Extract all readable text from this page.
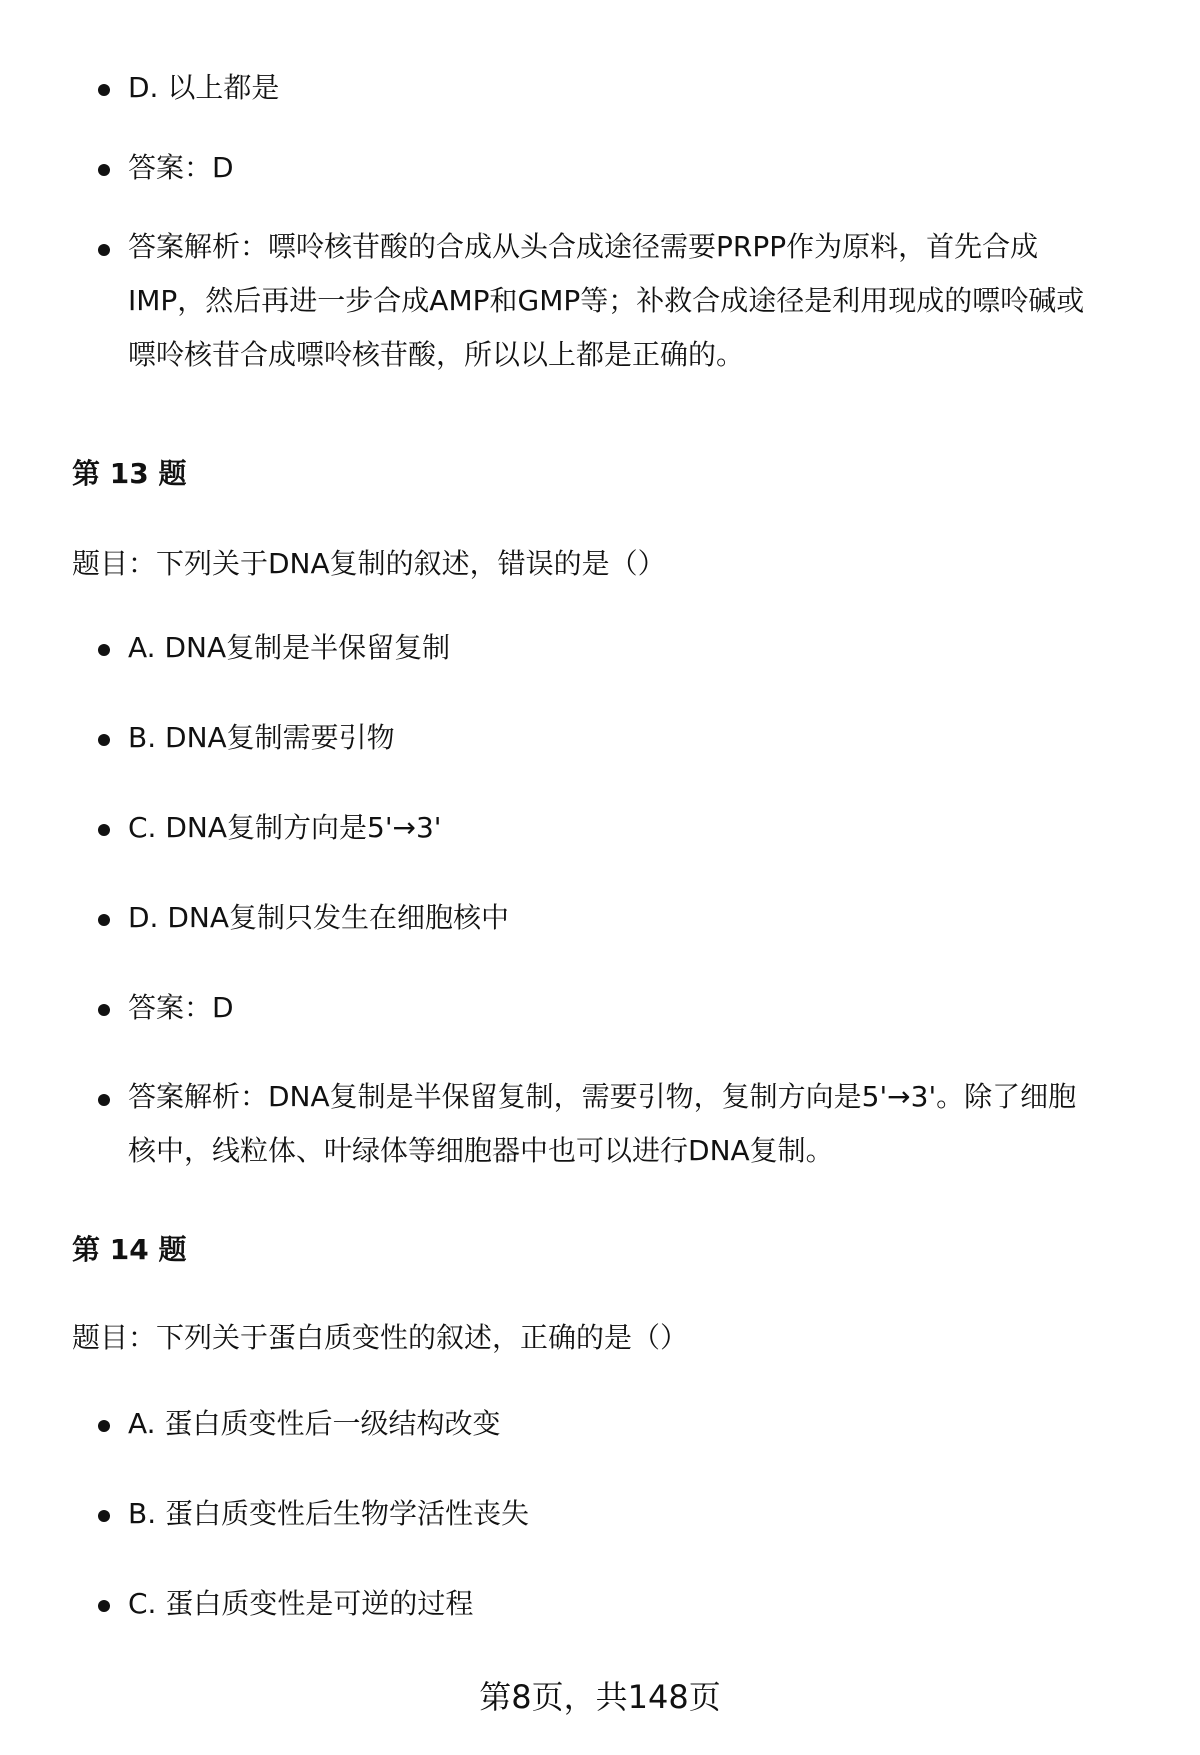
D. 以上都是
答案：D
答案解析：嘌呤核苷酸的合成从头合成途径需要PRPP作为原料，首先合成
IMP，然后再进一步合成AMP和GMP等；补救合成途径是利用现成的嘌呤碱或
嘌呤核苷合成嘌呤核苷酸，所以以上都是正确的。
第 13 题
题目：下列关于DNA复制的叙述，错误的是（）
A. DNA复制是半保留复制
B. DNA复制需要引物
C. DNA复制方向是5'→3'
D. DNA复制只发生在细胞核中
答案：D
答案解析：DNA复制是半保留复制，需要引物，复制方向是5'→3'。除了细胞
核中，线粒体、叶绿体等细胞器中也可以进行DNA复制。
第 14 题
题目：下列关于蛋白质变性的叙述，正确的是（）
A. 蛋白质变性后一级结构改变
B. 蛋白质变性后生物学活性丧失
C. 蛋白质变性是可逆的过程
第8页，共148页
